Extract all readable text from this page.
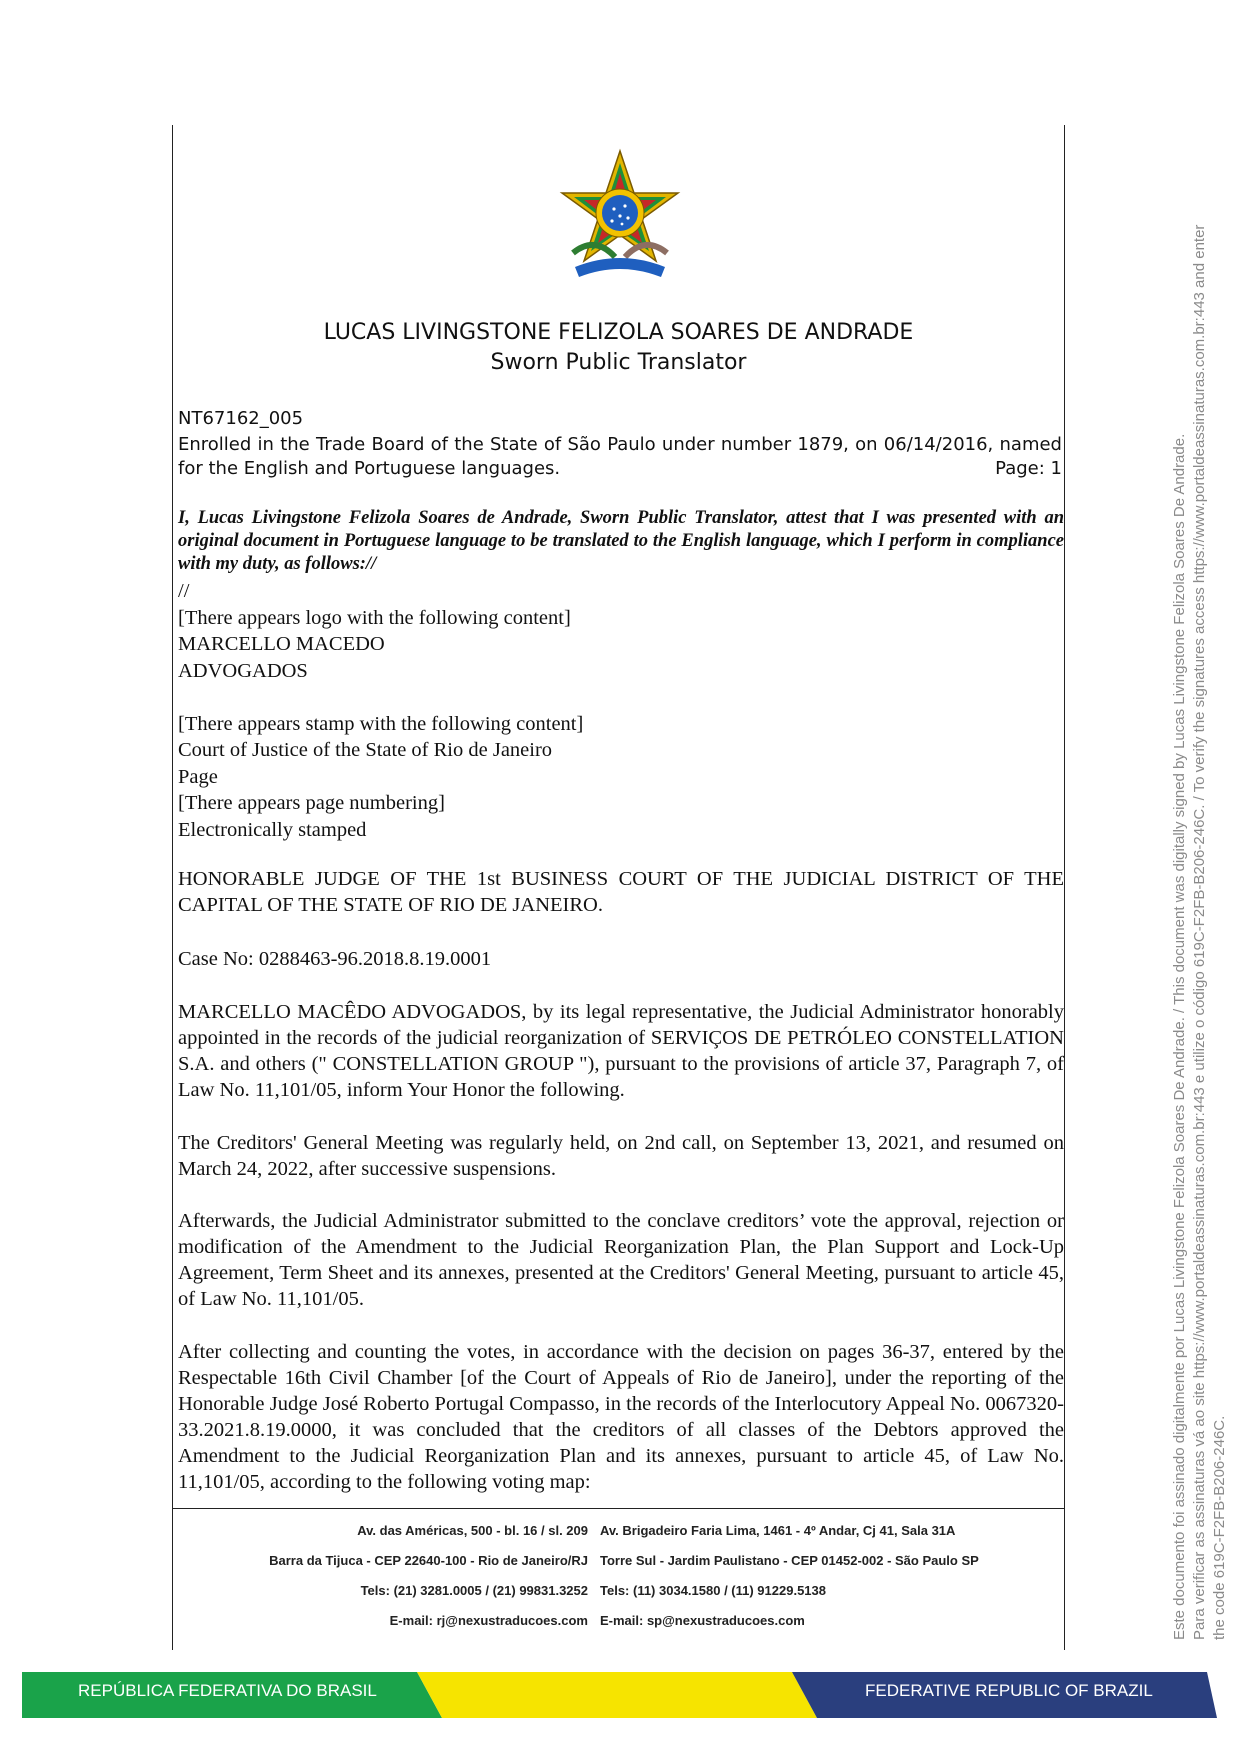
LUCAS LIVINGSTONE FELIZOLA SOARES DE ANDRADE
Sworn Public Translator
NT67162_005
Enrolled in the Trade Board of the State of São Paulo under number 1879, on 06/14/2016, named
for the English and Portuguese languages.	Page: 1
I, Lucas Livingstone Felizola Soares de Andrade, Sworn Public Translator, attest that I was presented with an original document in Portuguese language to be translated to the English language, which I perform in compliance with my duty, as follows://
//
[There appears logo with the following content]
MARCELLO MACEDO
ADVOGADOS
[There appears stamp with the following content]
Court of Justice of the State of Rio de Janeiro
Page
[There appears page numbering]
Electronically stamped
HONORABLE JUDGE OF THE 1st BUSINESS COURT OF THE JUDICIAL DISTRICT OF THE CAPITAL OF THE STATE OF RIO DE JANEIRO.
Case No: 0288463-96.2018.8.19.0001
MARCELLO MACÊDO ADVOGADOS, by its legal representative, the Judicial Administrator honorably appointed in the records of the judicial reorganization of SERVIÇOS DE PETRÓLEO CONSTELLATION S.A. and others (" CONSTELLATION GROUP "), pursuant to the provisions of article 37, Paragraph 7, of Law No. 11,101/05, inform Your Honor the following.
The Creditors' General Meeting was regularly held, on 2nd call, on September 13, 2021, and resumed on March 24, 2022, after successive suspensions.
Afterwards, the Judicial Administrator submitted to the conclave creditors’ vote the approval, rejection or modification of the Amendment to the Judicial Reorganization Plan, the Plan Support and Lock-Up Agreement, Term Sheet and its annexes, presented at the Creditors' General Meeting, pursuant to article 45, of Law No. 11,101/05.
After collecting and counting the votes, in accordance with the decision on pages 36-37, entered by the Respectable 16th Civil Chamber [of the Court of Appeals of Rio de Janeiro], under the reporting of the Honorable Judge José Roberto Portugal Compasso, in the records of the Interlocutory Appeal No. 0067320-33.2021.8.19.0000, it was concluded that the creditors of all classes of the Debtors approved the Amendment to the Judicial Reorganization Plan and its annexes, pursuant to article 45, of Law No. 11,101/05, according to the following voting map:
Av. das Américas, 500 - bl. 16 / sl. 209
Barra da Tijuca - CEP 22640-100 - Rio de Janeiro/RJ
Tels: (21) 3281.0005 / (21) 99831.3252
E-mail: rj@nexustraducoes.com
Av. Brigadeiro Faria Lima, 1461 - 4º Andar, Cj 41, Sala 31A
Torre Sul - Jardim Paulistano - CEP 01452-002 - São Paulo SP
Tels: (11) 3034.1580 / (11) 91229.5138
E-mail: sp@nexustraducoes.com	Este documento foi assinado digitalmente por Lucas Livingstone Felizola Soares De Andrade. / This document was digitally signed by Lucas Livingstone Felizola Soares De Andrade. Para verificar as assinaturas vá ao site https://www.portaldeassinaturas.com.br:443 e utilize o código 619C-F2FB-B206-246C. / To verify the signatures access https://www.portaldeassinaturas.com.br:443 and enter the code 619C-F2FB-B206-246C.
REPÚBLICA FEDERATIVA DO BRASIL	FEDERATIVE REPUBLIC OF BRAZIL
